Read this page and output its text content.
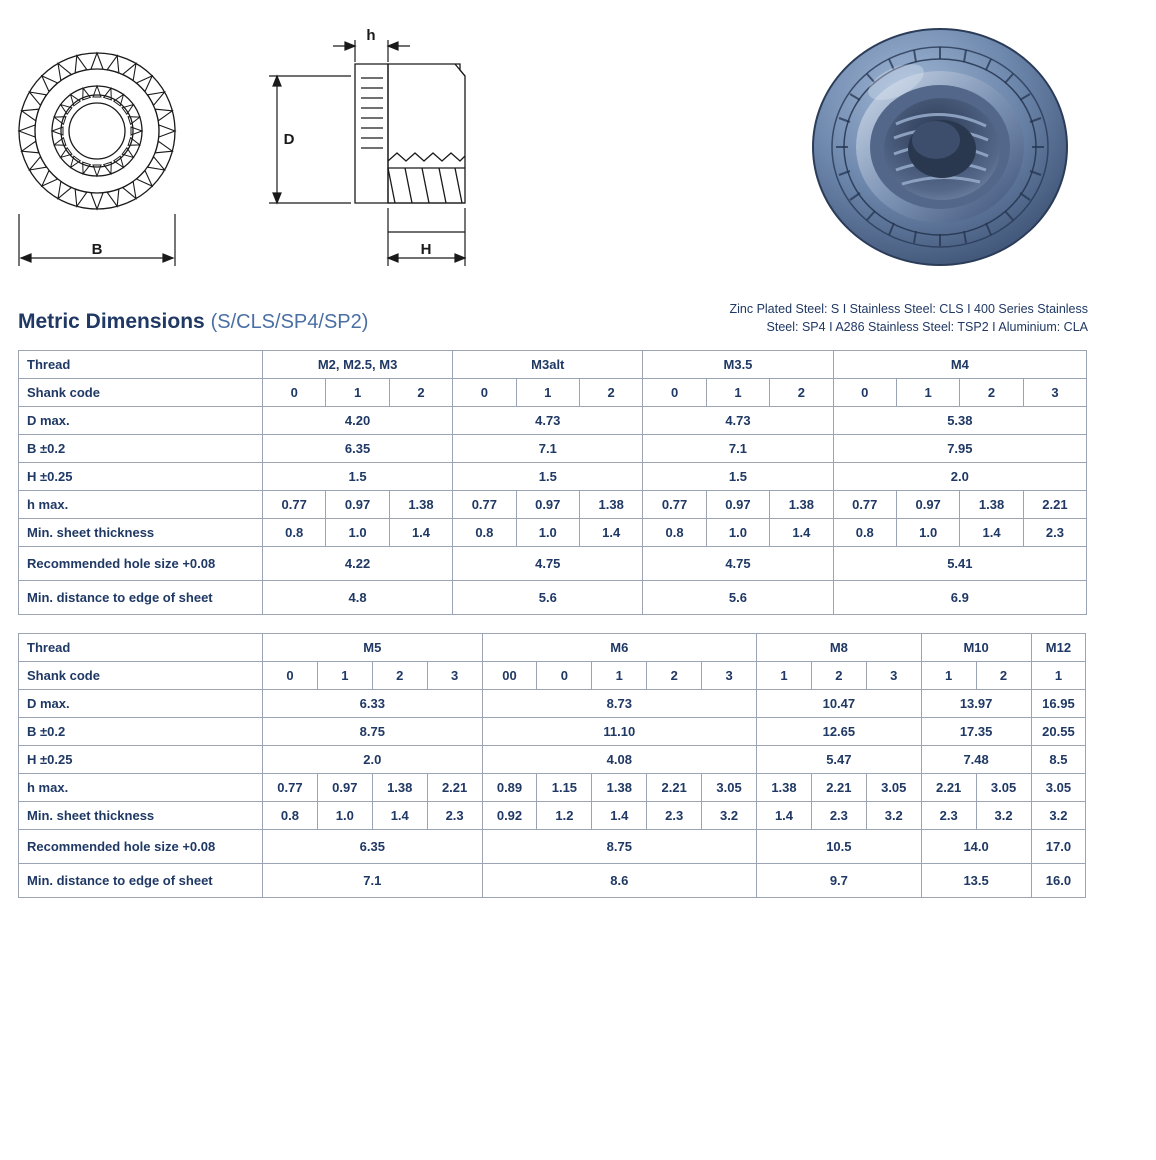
B
h
D
H
Metric Dimensions (S/CLS/SP4/SP2)
Zinc Plated Steel: S I Stainless Steel: CLS I 400 Series Stainless
Steel: SP4 I A286 Stainless Steel: TSP2 I Aluminium: CLA
Thread	M2, M2.5, M3			M3alt			M3.5			M4			
Shank code	0	1	2	0	1	2	0	1	2	0	1	2	3
D max.	4.20			4.73			4.73			5.38			
B ±0.2	6.35			7.1			7.1			7.95			
H ±0.25	1.5			1.5			1.5			2.0			
h max.	0.77	0.97	1.38	0.77	0.97	1.38	0.77	0.97	1.38	0.77	0.97	1.38	2.21
Min. sheet thickness	0.8	1.0	1.4	0.8	1.0	1.4	0.8	1.0	1.4	0.8	1.0	1.4	2.3
Recommended hole size +0.08	4.22			4.75			4.75			5.41			
Min. distance to edge of sheet	4.8			5.6			5.6			6.9			
Thread	M5				M6					M8			M10		M12
Shank code	0	1	2	3	00	0	1	2	3	1	2	3	1	2	1
D max.	6.33				8.73					10.47			13.97		16.95
B ±0.2	8.75				11.10					12.65			17.35		20.55
H ±0.25	2.0				4.08					5.47			7.48		8.5
h max.	0.77	0.97	1.38	2.21	0.89	1.15	1.38	2.21	3.05	1.38	2.21	3.05	2.21	3.05	3.05
Min. sheet thickness	0.8	1.0	1.4	2.3	0.92	1.2	1.4	2.3	3.2	1.4	2.3	3.2	2.3	3.2	3.2
Recommended hole size +0.08	6.35				8.75					10.5			14.0		17.0
Min. distance to edge of sheet	7.1				8.6					9.7			13.5		16.0
